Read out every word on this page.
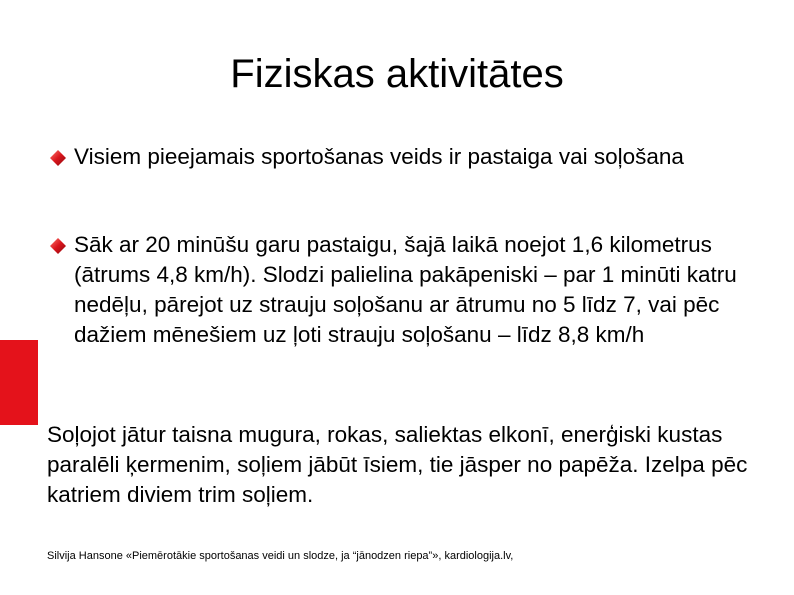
Fiziskas aktivitātes
Visiem pieejamais sportošanas veids ir pastaiga vai soļošana
Sāk ar 20 minūšu garu pastaigu, šajā laikā noejot 1,6 kilometrus (ātrums 4,8 km/h). Slodzi palielina pakāpeniski – par 1 minūti katru nedēļu, pārejot uz strauju soļošanu ar ātrumu no 5 līdz 7, vai pēc dažiem mēnešiem uz ļoti strauju soļošanu – līdz 8,8 km/h
Soļojot jātur taisna mugura, rokas, saliektas elkonī, enerģiski kustas paralēli ķermenim, soļiem jābūt īsiem, tie jāsper no papēža. Izelpa pēc katriem diviem trim soļiem.
Silvija Hansone «Piemērotākie sportošanas veidi un slodze, ja “jānodzen riepa”», kardiologija.lv,
